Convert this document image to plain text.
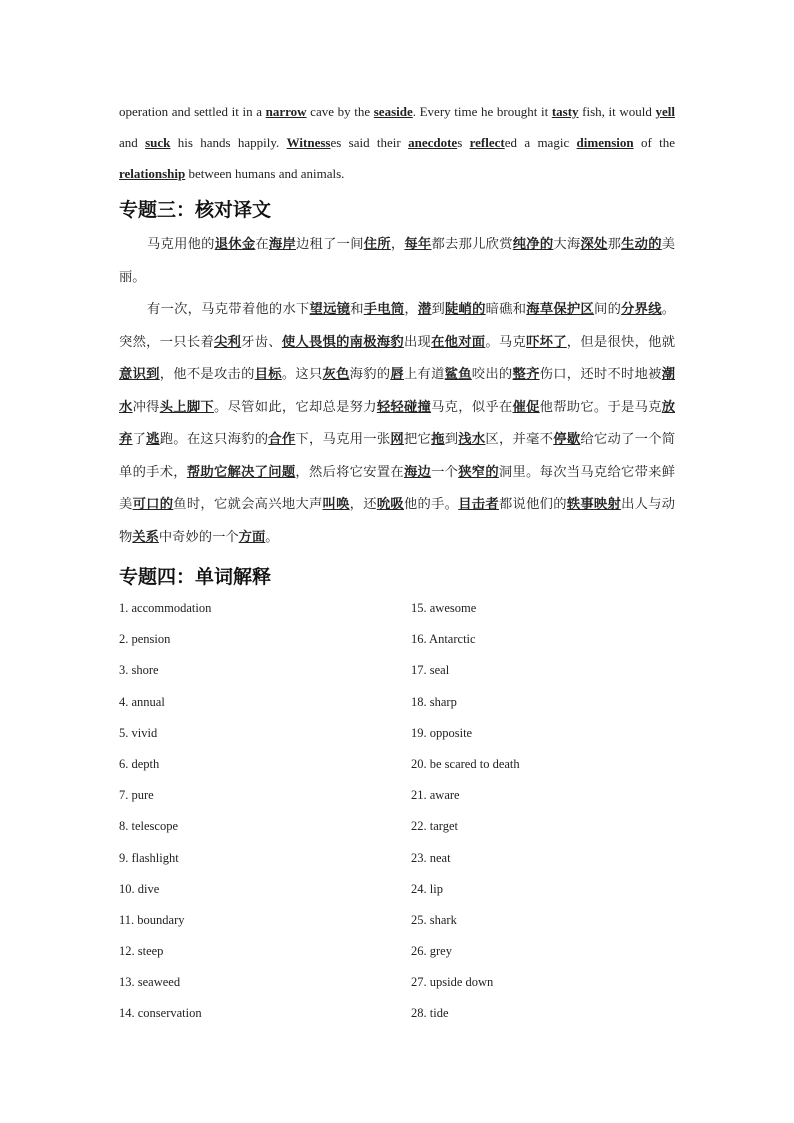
operation and settled it in a narrow cave by the seaside. Every time he brought it tasty fish, it would yell and suck his hands happily. Witnesses said their anecdotes reflected a magic dimension of the relationship between humans and animals.

专题三：核对译文

马克用他的退休金在海岸边租了一间住所，每年都去那儿欣赏纯净的大海深处那生动的美丽。

有一次，马克带着他的水下望远镜和手电筒，潜到陡峭的暗礁和海草保护区间的分界线。突然，一只长着尖利牙齿、使人畏惧的南极海豹出现在他对面。马克吓坏了，但是很快，他就意识到，他不是攻击的目标。这只灰色海豹的唇上有道鲨鱼咬出的整齐伤口，还时不时地被潮水冲得头上脚下。尽管如此，它却总是努力轻轻碰撞马克，似乎在催促他帮助它。于是马克放弃了逃跑。在这只海豹的合作下，马克用一张网把它拖到浅水区，并毫不停歇给它动了一个简单的手术，帮助它解决了问题，然后将它安置在海边一个狭窄的洞里。每次当马克给它带来鲜美可口的鱼时，它就会高兴地大声叫唤，还吮吸他的手。目击者都说他们的轶事映射出人与动物关系中奇妙的一个方面。

专题四：单词解释
1. accommodation	15. awesome
2. pension	16. Antarctic
3. shore	17. seal
4. annual	18. sharp
5. vivid	19. opposite
6. depth	20. be scared to death
7. pure	21. aware
8. telescope	22. target
9. flashlight	23. neat
10. dive	24. lip
11. boundary	25. shark
12. steep	26. grey
13. seaweed	27. upside down
14. conservation	28. tide
